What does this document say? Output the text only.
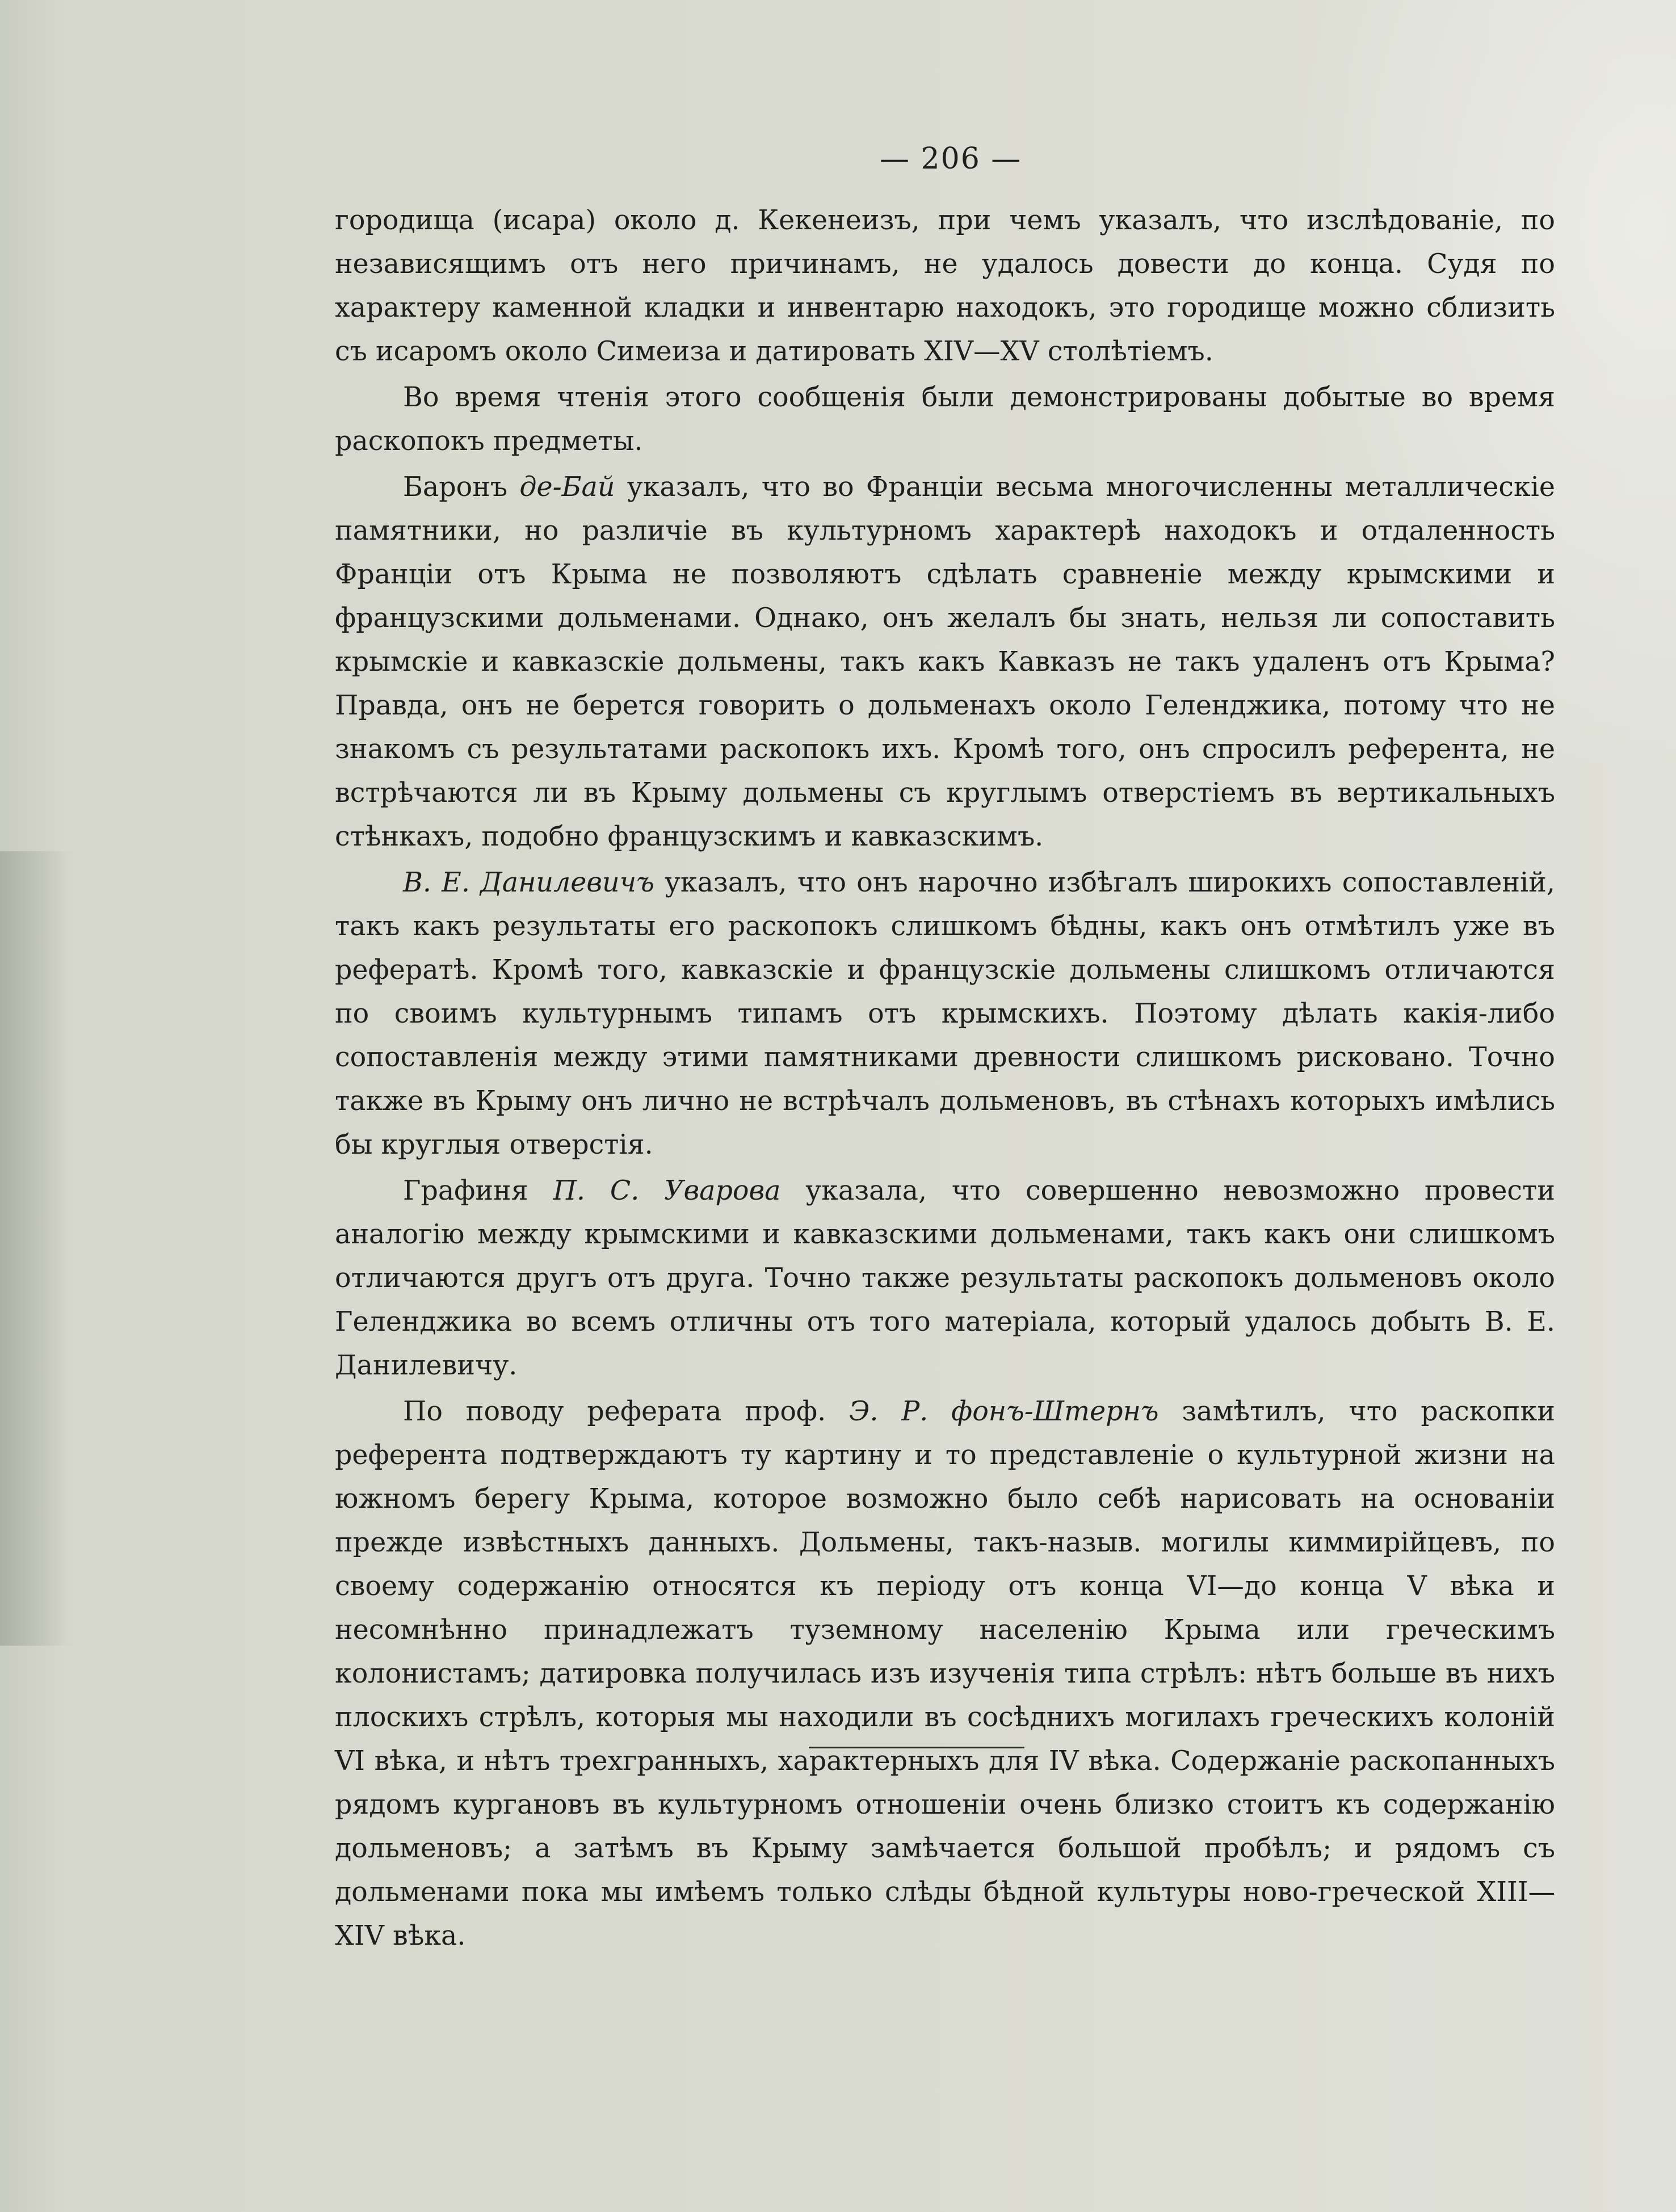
— 206 —

городища (исара) около д. Кекенеизъ, при чемъ указалъ, что изслѣдованіе, по независящимъ отъ него причинамъ, не удалось довести до конца. Судя по характеру каменной кладки и инвентарю находокъ, это городище можно сблизить съ исаромъ около Симеиза и датировать XIV—XV столѣтіемъ.

Во время чтенія этого сообщенія были демонстрированы добытые во время раскопокъ предметы.

Баронъ де-Бай указалъ, что во Франціи весьма многочисленны металлическіе памятники, но различіе въ культурномъ характерѣ находокъ и отдаленность Франціи отъ Крыма не позволяютъ сдѣлать сравненіе между крымскими и французскими дольменами. Однако, онъ желалъ бы знать, нельзя ли сопоставить крымскіе и кавказскіе дольмены, такъ какъ Кавказъ не такъ удаленъ отъ Крыма? Правда, онъ не берется говорить о дольменахъ около Геленджика, потому что не знакомъ съ результатами раскопокъ ихъ. Кромѣ того, онъ спросилъ референта, не встрѣчаются ли въ Крыму дольмены съ круглымъ отверстіемъ въ вертикальныхъ стѣнкахъ, подобно французскимъ и кавказскимъ.

В. Е. Данилевичъ указалъ, что онъ нарочно избѣгалъ широкихъ сопоставленій, такъ какъ результаты его раскопокъ слишкомъ бѣдны, какъ онъ отмѣтилъ уже въ рефератѣ. Кромѣ того, кавказскіе и французскіе дольмены слишкомъ отличаются по своимъ культурнымъ типамъ отъ крымскихъ. Поэтому дѣлать какія-либо сопоставленія между этими памятниками древности слишкомъ рисковано. Точно также въ Крыму онъ лично не встрѣчалъ дольменовъ, въ стѣнахъ которыхъ имѣлись бы круглыя отверстія.

Графиня П. С. Уварова указала, что совершенно невозможно провести аналогію между крымскими и кавказскими дольменами, такъ какъ они слишкомъ отличаются другъ отъ друга. Точно также результаты раскопокъ дольменовъ около Геленджика во всемъ отличны отъ того матеріала, который удалось добыть В. Е. Данилевичу.

По поводу реферата проф. Э. Р. фонъ-Штернъ замѣтилъ, что раскопки референта подтверждаютъ ту картину и то представленіе о культурной жизни на южномъ берегу Крыма, которое возможно было себѣ нарисовать на основаніи прежде извѣстныхъ данныхъ. Дольмены, такъ-назыв. могилы киммирійцевъ, по своему содержанію относятся къ періоду отъ конца VI—до конца V вѣка и несомнѣнно принадлежатъ туземному населенію Крыма или греческимъ колонистамъ; датировка получилась изъ изученія типа стрѣлъ: нѣтъ больше въ нихъ плоскихъ стрѣлъ, которыя мы находили въ сосѣднихъ могилахъ греческихъ колоній VI вѣка, и нѣтъ трехгранныхъ, характерныхъ для IV вѣка. Содержаніе раскопанныхъ рядомъ кургановъ въ культурномъ отношеніи очень близко стоитъ къ содержанію дольменовъ; а затѣмъ въ Крыму замѣчается большой пробѣлъ; и рядомъ съ дольменами пока мы имѣемъ только слѣды бѣдной культуры ново-греческой XIII—XIV вѣка.
